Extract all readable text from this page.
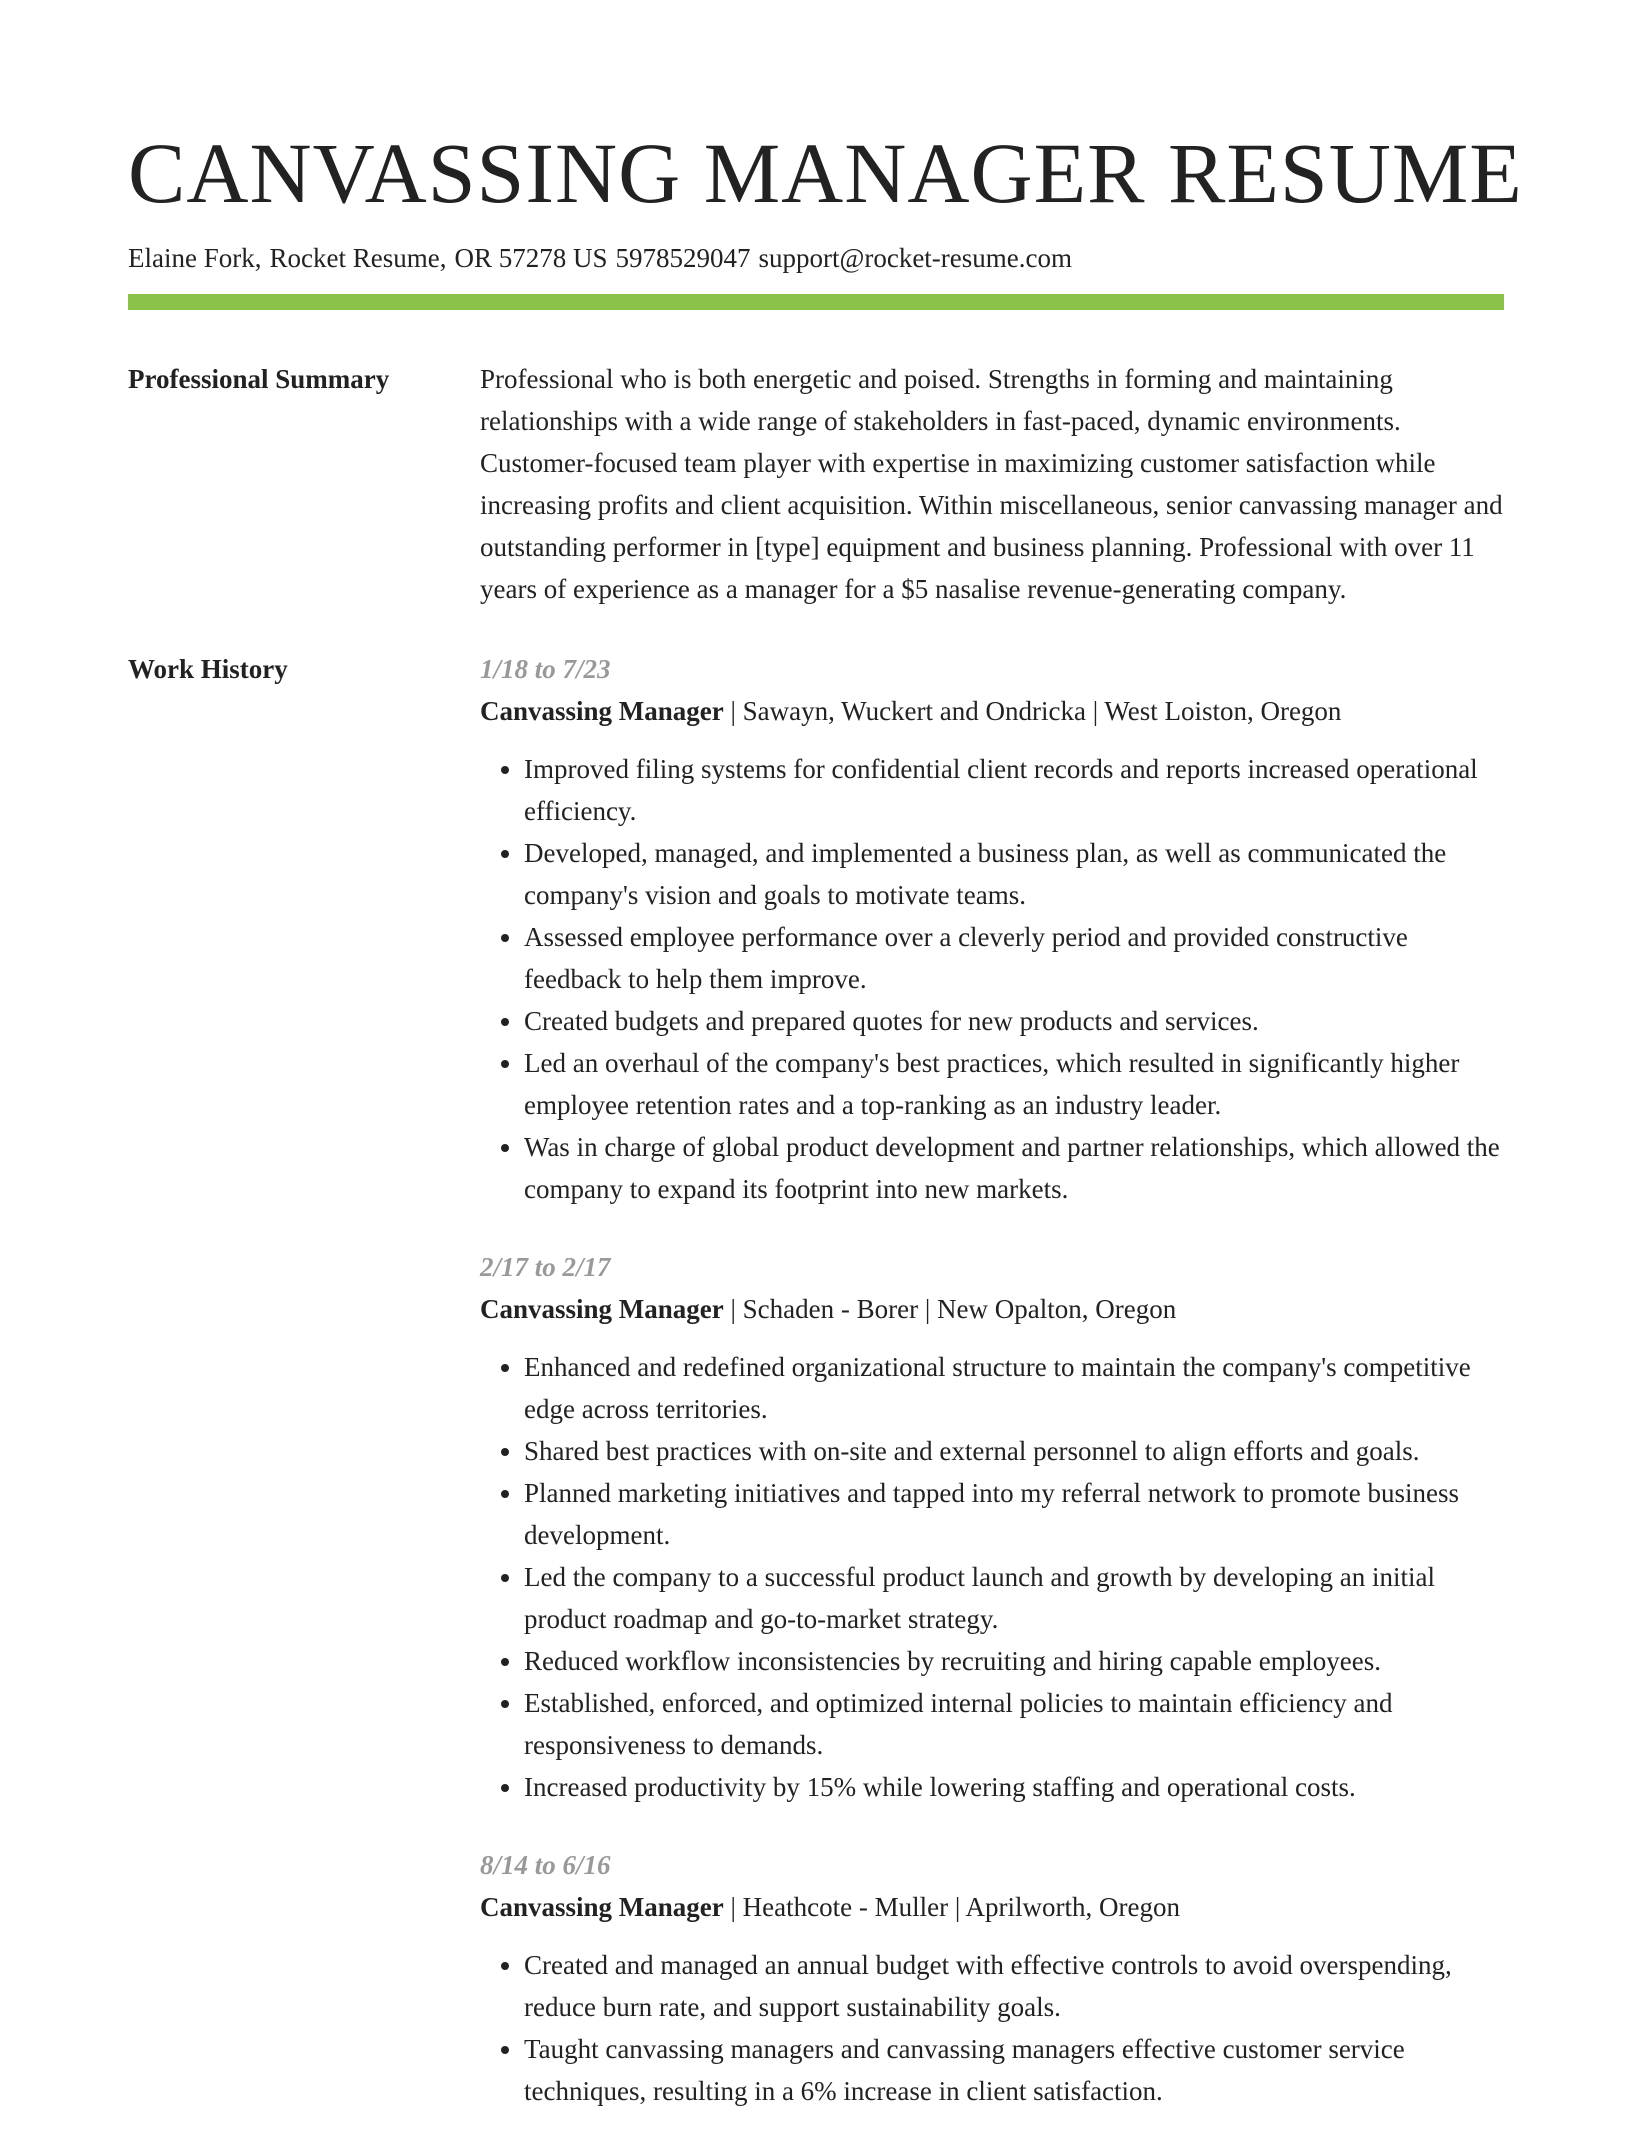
CANVASSING MANAGER RESUME
Elaine Fork, Rocket Resume, OR 57278 US 5978529047 support@rocket-resume.com
Professional Summary	Professional who is both energetic and poised. Strengths in forming and maintaining relationships with a wide range of stakeholders in fast-paced, dynamic environments. Customer-focused team player with expertise in maximizing customer satisfaction while increasing profits and client acquisition. Within miscellaneous, senior canvassing manager and outstanding performer in [type] equipment and business planning. Professional with over 11 years of experience as a manager for a $5 nasalise revenue-generating company.
Work History	1/18 to 7/23
Canvassing Manager | Sawayn, Wuckert and Ondricka | West Loiston, Oregon
• Improved filing systems for confidential client records and reports increased operational efficiency.
• Developed, managed, and implemented a business plan, as well as communicated the company's vision and goals to motivate teams.
• Assessed employee performance over a cleverly period and provided constructive feedback to help them improve.
• Created budgets and prepared quotes for new products and services.
• Led an overhaul of the company's best practices, which resulted in significantly higher employee retention rates and a top-ranking as an industry leader.
• Was in charge of global product development and partner relationships, which allowed the company to expand its footprint into new markets.
2/17 to 2/17
Canvassing Manager | Schaden - Borer | New Opalton, Oregon
• Enhanced and redefined organizational structure to maintain the company's competitive edge across territories.
• Shared best practices with on-site and external personnel to align efforts and goals.
• Planned marketing initiatives and tapped into my referral network to promote business development.
• Led the company to a successful product launch and growth by developing an initial product roadmap and go-to-market strategy.
• Reduced workflow inconsistencies by recruiting and hiring capable employees.
• Established, enforced, and optimized internal policies to maintain efficiency and responsiveness to demands.
• Increased productivity by 15% while lowering staffing and operational costs.
8/14 to 6/16
Canvassing Manager | Heathcote - Muller | Aprilworth, Oregon
• Created and managed an annual budget with effective controls to avoid overspending, reduce burn rate, and support sustainability goals.
• Taught canvassing managers and canvassing managers effective customer service techniques, resulting in a 6% increase in client satisfaction.
